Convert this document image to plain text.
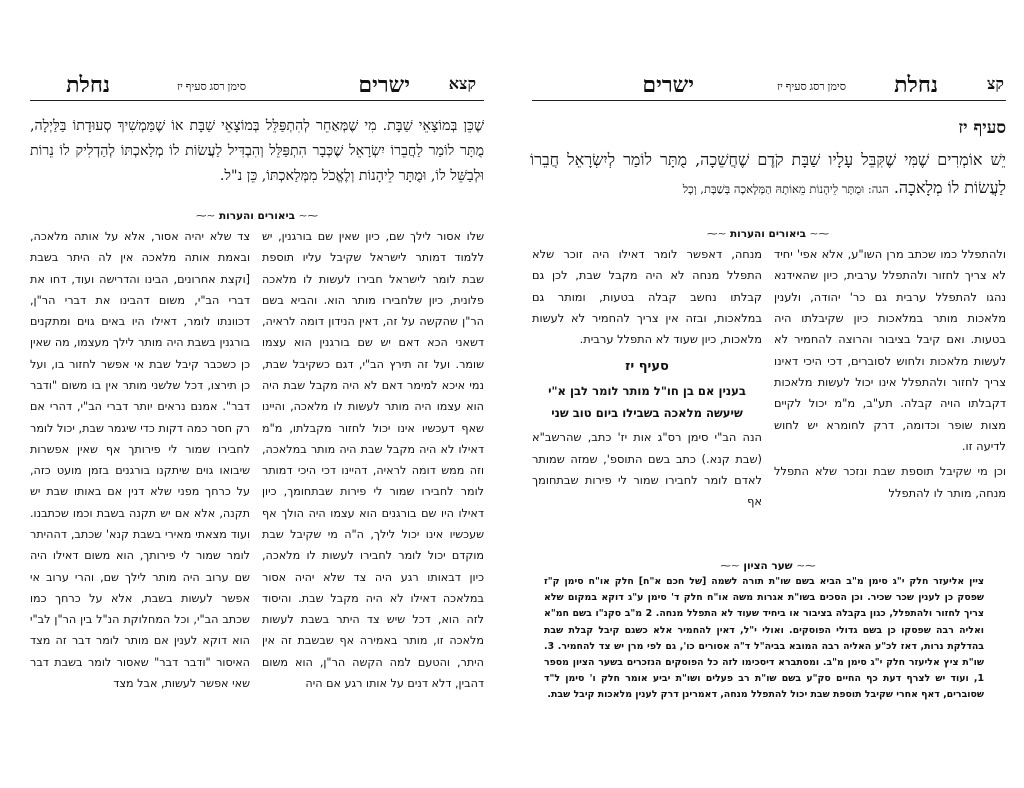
קצ
נחלת
סימן רסג סעיף יז
ישרים
סעיף יז
יֵשׁ אוֹמְרִים שֶׁמִּי שֶׁקִּבֵּל עָלָיו שַׁבָּת קֹדֶם שֶׁחֲשֵׁכָה, מֻתָּר לוֹמַר לְיִשְׂרָאֵל חֲבֵרוֹ לַעֲשׂוֹת לוֹ מְלָאכָה. הגה: וּמֻתָּר לֵיהָנוֹת מֵאוֹתָהּ הַמְּלָאכָה בְּשַׁבָּת, וְכָל
⁓∽ ביאורים והערות ∽⁓
ולהתפלל כמו שכתב מרן השו"ע, אלא אפי' יחיד לא צריך לחזור ולהתפלל ערבית, כיון שהאידנא נהגו להתפלל ערבית גם כר' יהודה, ולענין מלאכות מותר במלאכות כיון שקיבלתו היה בטעות. ואם קיבל בציבור והרוצה להחמיר לא לעשות מלאכות ולחוש לסוברים, דכי היכי דאינו צריך לחזור ולהתפלל אינו יכול לעשות מלאכות דקבלתו הויה קבלה. תע"ב, מ"מ יכול לקיים מצות שופר וכדומה, דרק לחומרא יש לחוש לדיעה זו.
וכן מי שקיבל תוספת שבת ונזכר שלא התפלל מנחה, מותר לו להתפלל
מנחה, דאפשר לומר דאילו היה זוכר שלא התפלל מנחה לא היה מקבל שבת, לכן גם קבלתו נחשב קבלה בטעות, ומותר גם במלאכות, ובזה אין צריך להחמיר לא לעשות מלאכות, כיון שעוד לא התפלל ערבית.
סעיף יז
בענין אם בן חו"ל מותר לומר לבן א"י שיעשה מלאכה בשבילו ביום טוב שני
הנה הב"י סימן רס"ג אות יז' כתב, שהרשב"א (שבת קנא.) כתב בשם התוספ', שמזה שמותר לאדם לומר לחבירו שמור לי פירות שבתחומך אף
⁓∽ שער הציון ∽⁓
ציין אליעזר חלק י"ג סימן מ"ב הביא בשם שו"ת תורה לשמה [של חכם א"ח] חלק או"ח סימן ק"ז שפסק כן לענין שכר שכיר. וכן הסכים בשו"ת אגרות משה או"ח חלק ד' סימן ע"ג דוקא במקום שלא צריך לחזור ולהתפלל, כגון בקבלה בציבור או ביחיד שעוד לא התפלל מנחה. 2 מ"ב סקנ"ו בשם חמ"א ואליה רבה שפסקו כן בשם גדולי הפוסקים. ואולי י"ל, דאין להחמיר אלא כשגם קיבל קבלת שבת בהדלקת נרות, דאז לכ"ע האליה רבה המובא בביה"ל ד"ה אסורים כו', גם לפי מרן יש צד להחמיר. 3. שו"ת ציץ אליעזר חלק י"ג סימן מ"ב. ומסתברא דיסכימו לזה כל הפוסקים הנזכרים בשער הציון מספר 1, ועוד יש לצרף דעת כף החיים סק"ע בשם שו"ת רב פעלים ושו"ת יביע אומר חלק ו' סימן ל"ד שסוברים, דאף אחרי שקיבל תוספת שבת יכול להתפלל מנחה, דאמרינן דרק לענין מלאכות קיבל שבת.
נחלת	סימן רסג סעיף יז	ישרים קצא
שֶׁכֵּן בְּמוֹצָאֵי שַׁבָּת. מִי שֶׁמְּאַחֵר לְהִתְפַּלֵּל בְּמוֹצָאֵי שַׁבָּת אוֹ שֶׁמַּמְשִׁיךְ סְעוּדָתוֹ בַּלַּיְלָה, מֻתָּר לוֹמַר לַחֲבֵרוֹ יִשְׂרָאֵל שֶׁכְּבָר הִתְפַּלֵּל וְהִבְדִּיל לַעֲשׂוֹת לוֹ מְלַאכְתּוֹ לְהַדְלִיק לוֹ נֵרוֹת וּלְבַשֵּׁל לוֹ, וּמֻתָּר לֵיהָנוֹת וְלֶאֱכֹל מִמְּלַאכְתּוֹ, כֵּן נ"ל.
⁓∽ ביאורים והערות ∽⁓
שלו אסור לילך שם, כיון שאין שם בורגנין, יש ללמוד דמותר לישראל שקיבל עליו תוספת שבת לומר לישראל חבירו לעשות לו מלאכה פלונית, כיון שלחבירו מותר הוא. והביא בשם הר"ן שהקשה על זה, דאין הנידון דומה לראיה, דשאני הכא דאם יש שם בורגנין הוא עצמו שומר. ועל זה תירץ הב"י, דגם כשקיבל שבת, נמי איכא למימר דאם לא היה מקבל שבת היה הוא עצמו היה מותר לעשות לו מלאכה, והיינו שאף דעכשיו אינו יכול לחזור מקבלתו, מ"מ דאילו לא היה מקבל שבת היה מותר במלאכה, וזה ממש דומה לראיה, דהיינו דכי היכי דמותר לומר לחבירו שמור לי פירות שבתחומך, כיון דאילו היו שם בורגנים הוא עצמו היה הולך אף שעכשיו אינו יכול לילך, ה"ה מי שקיבל שבת מוקדם יכול לומר לחבירו לעשות לו מלאכה, כיון דבאותו רגע היה צד שלא יהיה אסור במלאכה דאילו לא היה מקבל שבת. והיסוד לזה הוא, דכל שיש צד היתר בשבת לעשות מלאכה זו, מותר באמירה אף שבשבת זה אין היתר, והטעם למה הקשה הר"ן, הוא משום דהבין, דלא דנים על אותו רגע אם היה
צד שלא יהיה אסור, אלא על אותה מלאכה, ובאמת אותה מלאכה אין לה היתר בשבת [וקצת אחרונים, הבינו והדרישה ועוד, דחו את דברי הב"י, משום דהבינו את דברי הר"ן, דכוונתו לומר, דאילו היו באים גוים ומתקנים בורגנין בשבת היה מותר לילך מעצמו, מה שאין כן כשכבר קיבל שבת אי אפשר לחזור בו, ועל כן תירצו, דכל שלשני מותר אין בו משום "ודבר דבר". אמנם נראים יותר דברי הב"י, דהרי אם רק חסר כמה דקות כדי שיגמר שבת, יכול לומר לחבירו שמור לי פירותך אף שאין אפשרות שיבואו גוים שיתקנו בורגנים בזמן מועט כזה, על כרחך מפני שלא דנין אם באותו שבת יש תקנה, אלא אם יש תקנה בשבת וכמו שכתבנו. ועוד מצאתי מאירי בשבת קנא' שכתב, דההיתר לומר שמור לי פירותך, הוא משום דאילו היה שם ערוב היה מותר לילך שם, והרי ערוב אי אפשר לעשות בשבת, אלא על כרחך כמו שכתב הב"י, וכל המחלוקת הנ"ל בין הר"ן לב"י הוא דוקא לענין אם מותר לומר דבר זה מצד האיסור "ודבר דבר" שאסור לומר בשבת דבר שאי אפשר לעשות, אבל מצד
